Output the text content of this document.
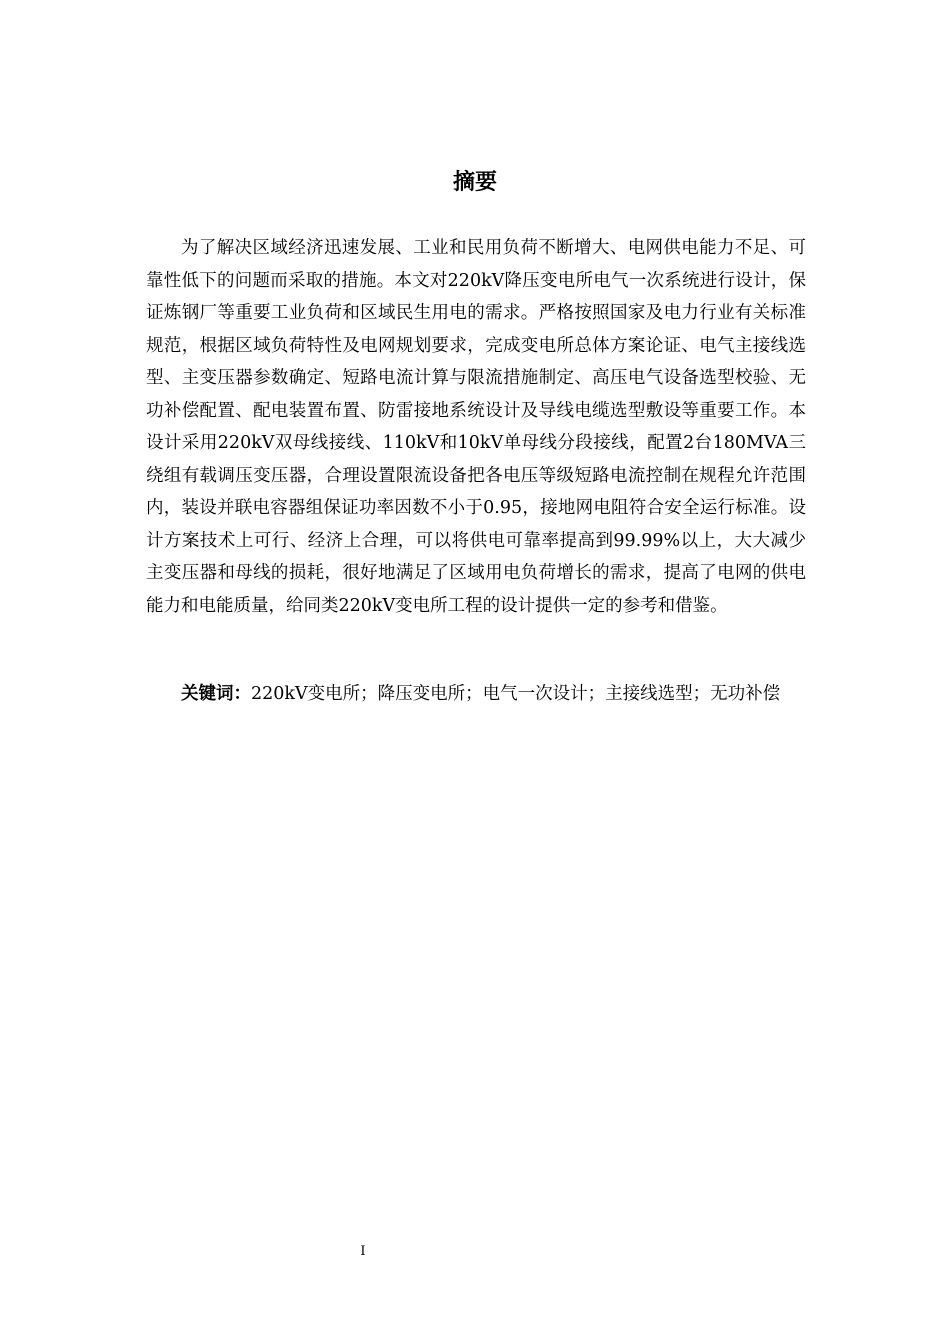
摘要

为了解决区域经济迅速发展、工业和民用负荷不断增大、电网供电能力不足、可靠性低下的问题而采取的措施。本文对220kV降压变电所电气一次系统进行设计，保证炼钢厂等重要工业负荷和区域民生用电的需求。严格按照国家及电力行业有关标准规范，根据区域负荷特性及电网规划要求，完成变电所总体方案论证、电气主接线选型、主变压器参数确定、短路电流计算与限流措施制定、高压电气设备选型校验、无功补偿配置、配电装置布置、防雷接地系统设计及导线电缆选型敷设等重要工作。本设计采用220kV双母线接线、110kV和10kV单母线分段接线，配置2台180MVA三绕组有载调压变压器，合理设置限流设备把各电压等级短路电流控制在规程允许范围内，装设并联电容器组保证功率因数不小于0.95，接地网电阻符合安全运行标准。设计方案技术上可行、经济上合理，可以将供电可靠率提高到99.99%以上，大大减少主变压器和母线的损耗，很好地满足了区域用电负荷增长的需求，提高了电网的供电能力和电能质量，给同类220kV变电所工程的设计提供一定的参考和借鉴。

关键词：220kV变电所；降压变电所；电气一次设计；主接线选型；无功补偿

I
